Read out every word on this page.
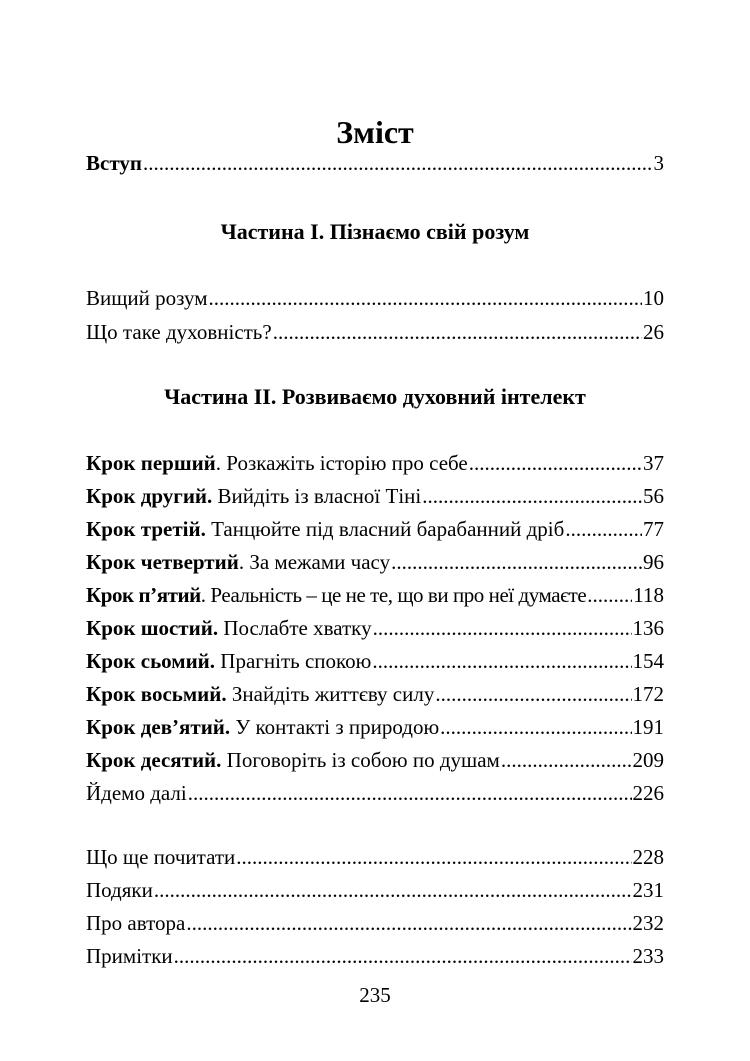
Зміст
Вступ .....	3
Частина І. Пізнаємо свій розум
Вищий розум .....	10
Що таке духовність? .....	26
Частина ІІ. Розвиваємо духовний інтелект
Крок перший. Розкажіть історію про себе .....	37
Крок другий. Вийдіть із власної Тіні .....	56
Крок третій. Танцюйте під власний барабанний дріб .....	77
Крок четвертий. За межами часу .....	96
Крок п’ятий. Реальність – це не те, що ви про неї думаєте ..... 118
Крок шостий. Послабте хватку .....	136
Крок сьомий. Прагніть спокою .....	154
Крок восьмий. Знайдіть життєву силу .....	172
Крок дев’ятий. У контакті з природою .....	191
Крок десятий. Поговоріть із собою по душам .....	209
Йдемо далі .....	226
Що ще почитати .....	228
Подяки .....	231
Про автора .....	232
Примітки .....	233
235
